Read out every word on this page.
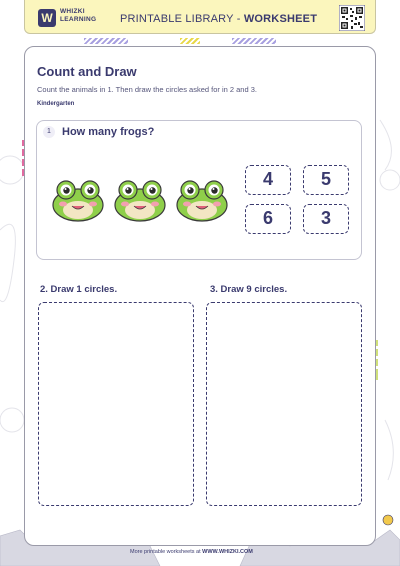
W	WHIZKI
LEARNING PRINTABLE LIBRARY - WORKSHEET
Count and Draw
Count the animals in 1. Then draw the circles asked for in 2 and 3.
Kindergarten
1	How many frogs?
4	5
6	3
2. Draw 1 circles.	3. Draw 9 circles.
More printable worksheets at WWW.WHIZKI.COM
